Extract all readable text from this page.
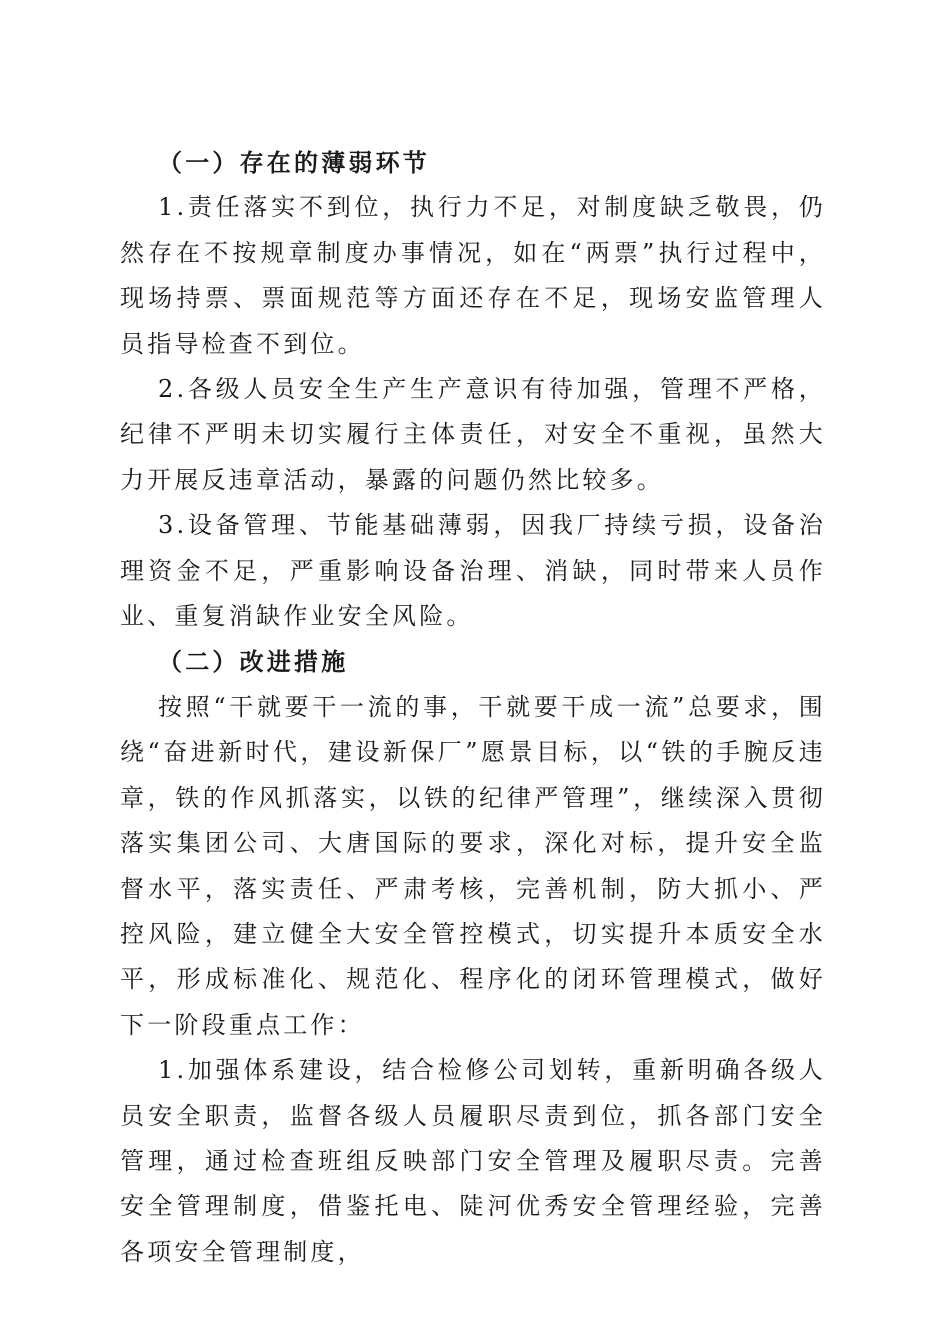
（一）存在的薄弱环节

1.责任落实不到位，执行力不足，对制度缺乏敬畏，仍然存在不按规章制度办事情况，如在“两票”执行过程中，现场持票、票面规范等方面还存在不足，现场安监管理人员指导检查不到位。

2.各级人员安全生产生产意识有待加强，管理不严格，纪律不严明未切实履行主体责任，对安全不重视，虽然大力开展反违章活动，暴露的问题仍然比较多。

3.设备管理、节能基础薄弱，因我厂持续亏损，设备治理资金不足，严重影响设备治理、消缺，同时带来人员作业、重复消缺作业安全风险。

（二）改进措施

按照“干就要干一流的事，干就要干成一流”总要求，围绕“奋进新时代，建设新保厂”愿景目标，以“铁的手腕反违章，铁的作风抓落实，以铁的纪律严管理”，继续深入贯彻落实集团公司、大唐国际的要求，深化对标，提升安全监督水平，落实责任、严肃考核，完善机制，防大抓小、严控风险，建立健全大安全管控模式，切实提升本质安全水平，形成标准化、规范化、程序化的闭环管理模式，做好下一阶段重点工作：

1.加强体系建设，结合检修公司划转，重新明确各级人员安全职责，监督各级人员履职尽责到位，抓各部门安全管理，通过检查班组反映部门安全管理及履职尽责。完善安全管理制度，借鉴托电、陡河优秀安全管理经验，完善各项安全管理制度，
